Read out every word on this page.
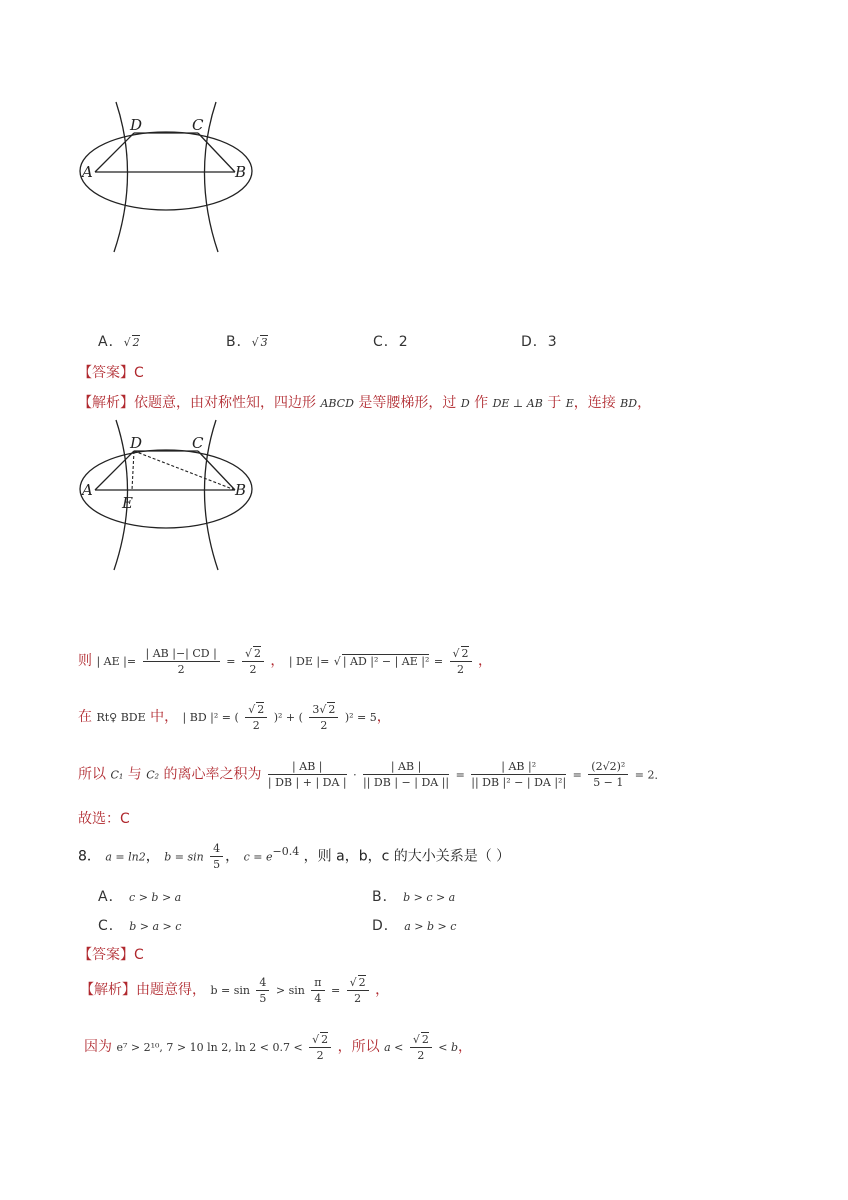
D	C
A	B
A．√ 2	B．√ 3	C．2	D．3
【答案】C
【解析】依题意，由对称性知，四边形 ABCD 是等腰梯形，过 D 作 DE ⊥ AB 于 E，连接 BD，
D	C
A	B
E
则 | AE |= $\frac{| AB |-| CD |}{2} = \frac{√ 2}{2}$ ， | DE |= √ | AD |² − | AE $|^2 = \frac{√ 2}{2}$ ，
在 Rt♀ BDE 中， | BD |² = ( $\frac{√ 2}{2} )^2$ + ( $\frac{3√ 2}{2} )^2 = 5$，
所以 C₁ 与 C₂ 的离心率之积为 $\frac{| AB |}{| DB | + | DA |} \cdot \frac{| AB |}{|| DB | - | DA ||} = \frac{\text{| AB |²}}{\text{|| DB |² − | DA |²|}} = \frac{\text{(2√2)²}}{5 - 1} = 2$．
故选：C
8． a = ln2， $b = \sin \frac{4}{5}$ ， $c = e^{-0.4}$ ，则 a，b，c 的大小关系是（ ）
A． c > b > a	B． b > c > a
C． b > a > c	D． a > b > c
【答案】C
【解析】由题意得， $b = \sin \frac{4}{5} > \sin \frac{\pi}{4} = \frac{√ 2}{2}$ ，
因为 e⁷ > 2¹⁰, 7 > 10 ln 2, $\ln 2 < 0.7 < \frac{√ 2}{2}$ ，所以 $a < \frac{√ 2}{2} < b$，
